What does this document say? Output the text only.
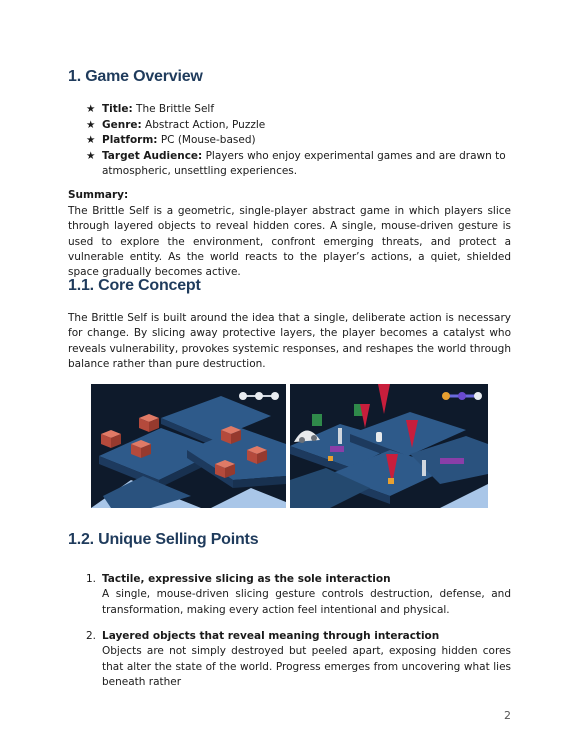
1. Game Overview
★ Title: The Brittle Self
★ Genre: Abstract Action, Puzzle
★ Platform: PC (Mouse-based)
★ Target Audience: Players who enjoy experimental games and are drawn to atmospheric, unsettling experiences.
Summary:

The Brittle Self is a geometric, single-player abstract game in which players slice through layered objects to reveal hidden cores. A single, mouse-driven gesture is used to explore the environment, confront emerging threats, and protect a vulnerable entity. As the world reacts to the player’s actions, a quiet, shielded space gradually becomes active.

1.1. Core Concept

The Brittle Self is built around the idea that a single, deliberate action is necessary for change. By slicing away protective layers, the player becomes a catalyst who reveals vulnerability, provokes systemic responses, and reshapes the world through balance rather than pure destruction.

1.2. Unique Selling Points
1. Tactile, expressive slicing as the sole interaction
A single, mouse-driven slicing gesture controls destruction, defense, and transformation, making every action feel intentional and physical.
2. Layered objects that reveal meaning through interaction
Objects are not simply destroyed but peeled apart, exposing hidden cores that alter the state of the world. Progress emerges from uncovering what lies beneath rather
2
